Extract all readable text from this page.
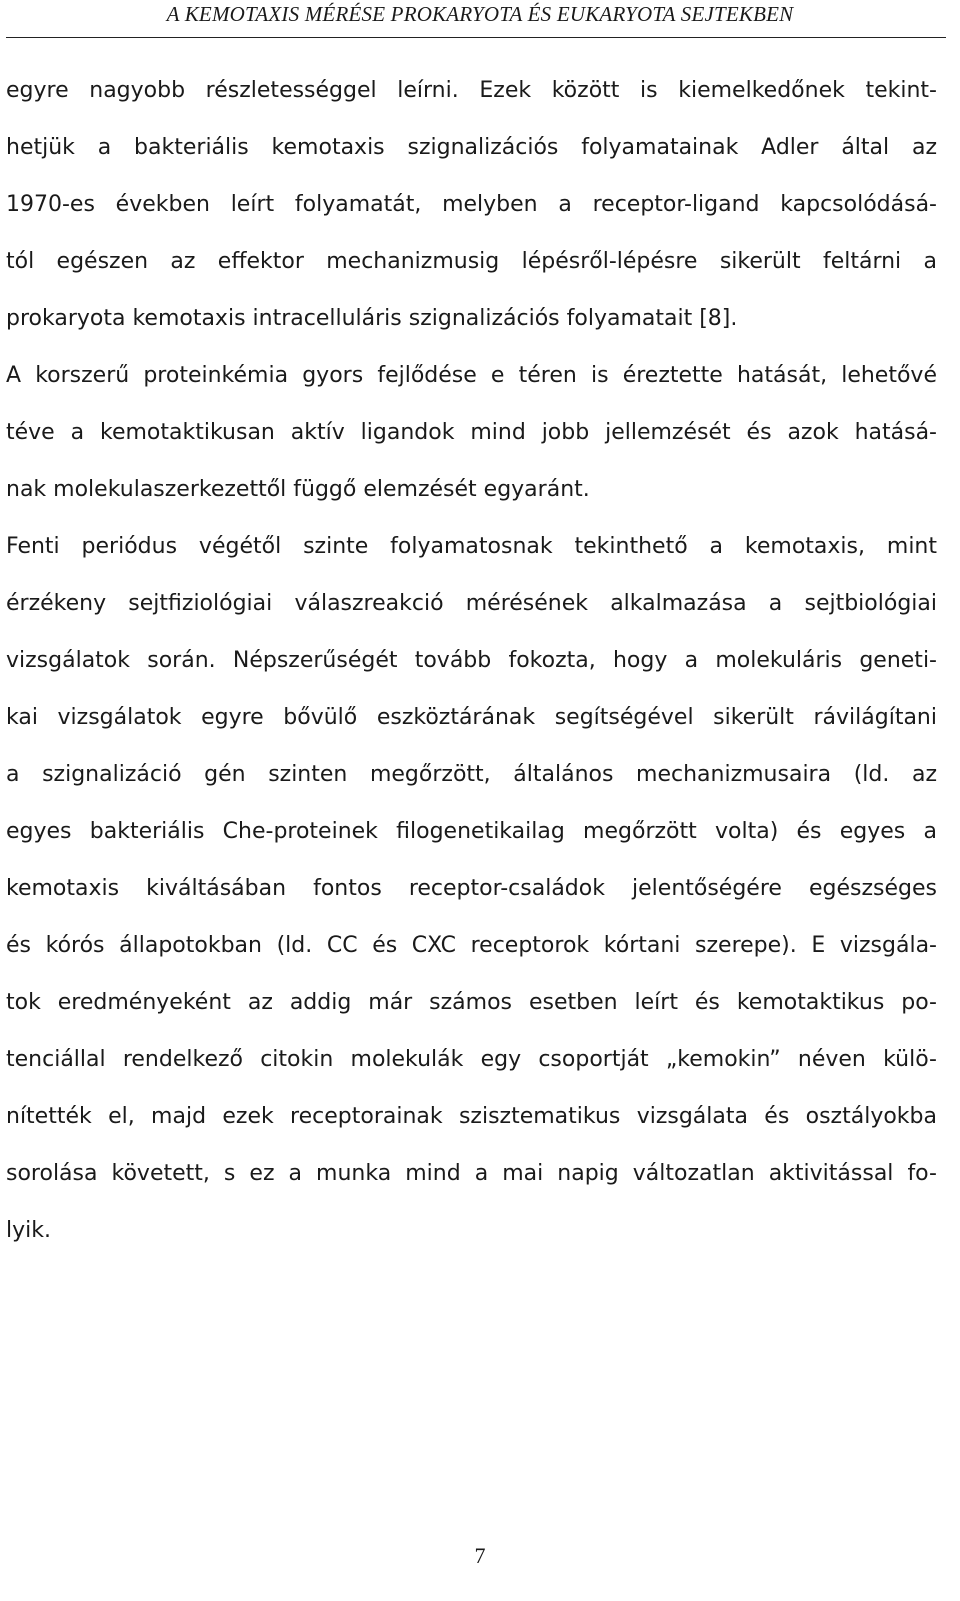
A KEMOTAXIS MÉRÉSE PROKARYOTA ÉS EUKARYOTA SEJTEKBEN
egyre nagyobb részletességgel leírni. Ezek között is kiemelkedőnek tekint-
hetjük a bakteriális kemotaxis szignalizációs folyamatainak Adler által az
1970-es években leírt folyamatát, melyben a receptor-ligand kapcsolódásá-
tól egészen az effektor mechanizmusig lépésről-lépésre sikerült feltárni a
prokaryota kemotaxis intracelluláris szignalizációs folyamatait [8].
A korszerű proteinkémia gyors fejlődése e téren is éreztette hatását, lehetővé
téve a kemotaktikusan aktív ligandok mind jobb jellemzését és azok hatásá-
nak molekulaszerkezettől függő elemzését egyaránt.
Fenti periódus végétől szinte folyamatosnak tekinthető a kemotaxis, mint
érzékeny sejtfiziológiai válaszreakció mérésének alkalmazása a sejtbiológiai
vizsgálatok során. Népszerűségét tovább fokozta, hogy a molekuláris geneti-
kai vizsgálatok egyre bővülő eszköztárának segítségével sikerült rávilágítani
a szignalizáció gén szinten megőrzött, általános mechanizmusaira (ld. az
egyes bakteriális Che-proteinek filogenetikailag megőrzött volta) és egyes a
kemotaxis kiváltásában fontos receptor-családok jelentőségére egészséges
és kórós állapotokban (ld. CC és CXC receptorok kórtani szerepe). E vizsgála-
tok eredményeként az addig már számos esetben leírt és kemotaktikus po-
tenciállal rendelkező citokin molekulák egy csoportját „kemokin” néven külö-
nítették el, majd ezek receptorainak szisztematikus vizsgálata és osztályokba
sorolása követett, s ez a munka mind a mai napig változatlan aktivitással fo-
lyik.
7
